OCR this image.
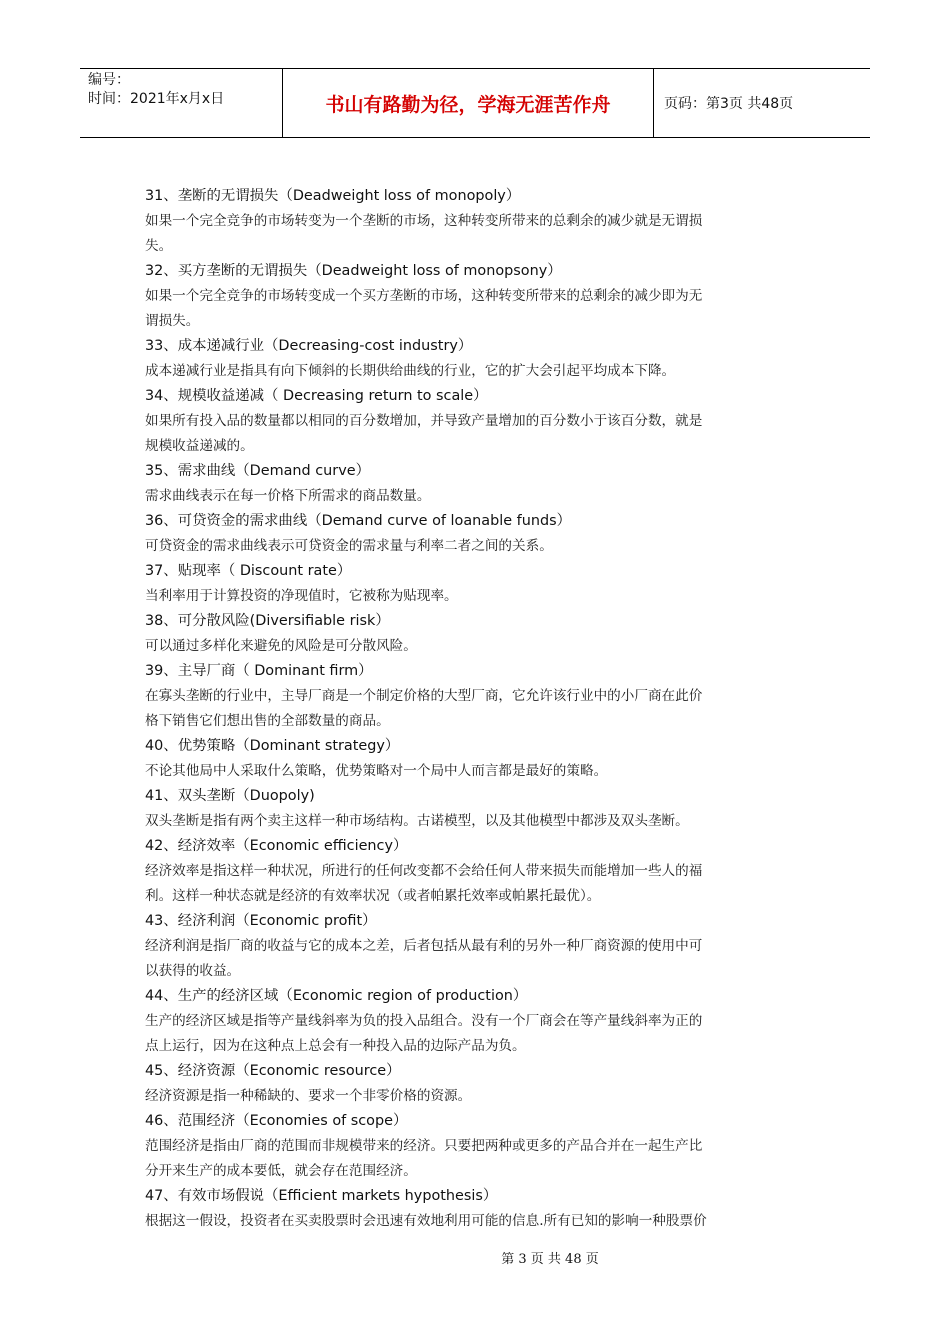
编号：
时间：2021年x月x日	书山有路勤为径，学海无涯苦作舟	页码：第3页 共48页
31、垄断的无谓损失（Deadweight loss of monopoly）
如果一个完全竞争的市场转变为一个垄断的市场，这种转变所带来的总剩余的减少就是无谓损
失。
32、买方垄断的无谓损失（Deadweight loss of monopsony）
如果一个完全竞争的市场转变成一个买方垄断的市场，这种转变所带来的总剩余的减少即为无
谓损失。
33、成本递减行业（Decreasing-cost industry）
成本递减行业是指具有向下倾斜的长期供给曲线的行业，它的扩大会引起平均成本下降。
34、规模收益递减（ Decreasing return to scale）
如果所有投入品的数量都以相同的百分数增加，并导致产量增加的百分数小于该百分数，就是
规模收益递减的。
35、需求曲线（Demand curve）
需求曲线表示在每一价格下所需求的商品数量。
36、可贷资金的需求曲线（Demand curve of loanable funds）
可贷资金的需求曲线表示可贷资金的需求量与利率二者之间的关系。
37、贴现率（ Discount rate）
当利率用于计算投资的净现值时，它被称为贴现率。
38、可分散风险(Diversifiable risk）
可以通过多样化来避免的风险是可分散风险。
39、主导厂商（ Dominant firm）
在寡头垄断的行业中，主导厂商是一个制定价格的大型厂商，它允许该行业中的小厂商在此价
格下销售它们想出售的全部数量的商品。
40、优势策略（Dominant strategy）
不论其他局中人采取什么策略，优势策略对一个局中人而言都是最好的策略。
41、双头垄断（Duopoly)
双头垄断是指有两个卖主这样一种市场结构。古诺模型，以及其他模型中都涉及双头垄断。
42、经济效率（Economic efficiency）
经济效率是指这样一种状况，所进行的任何改变都不会给任何人带来损失而能增加一些人的福
利。这样一种状态就是经济的有效率状况（或者帕累托效率或帕累托最优）。
43、经济利润（Economic profit）
经济利润是指厂商的收益与它的成本之差，后者包括从最有利的另外一种厂商资源的使用中可
以获得的收益。
44、生产的经济区域（Economic region of production）
生产的经济区域是指等产量线斜率为负的投入品组合。没有一个厂商会在等产量线斜率为正的
点上运行，因为在这种点上总会有一种投入品的边际产品为负。
45、经济资源（Economic resource）
经济资源是指一种稀缺的、要求一个非零价格的资源。
46、范围经济（Economies of scope）
范围经济是指由厂商的范围而非规模带来的经济。只要把两种或更多的产品合并在一起生产比
分开来生产的成本要低，就会存在范围经济。
47、有效市场假说（Efficient markets hypothesis）
根据这一假设，投资者在买卖股票时会迅速有效地利用可能的信息.所有已知的影响一种股票价
第 3 页 共 48 页
